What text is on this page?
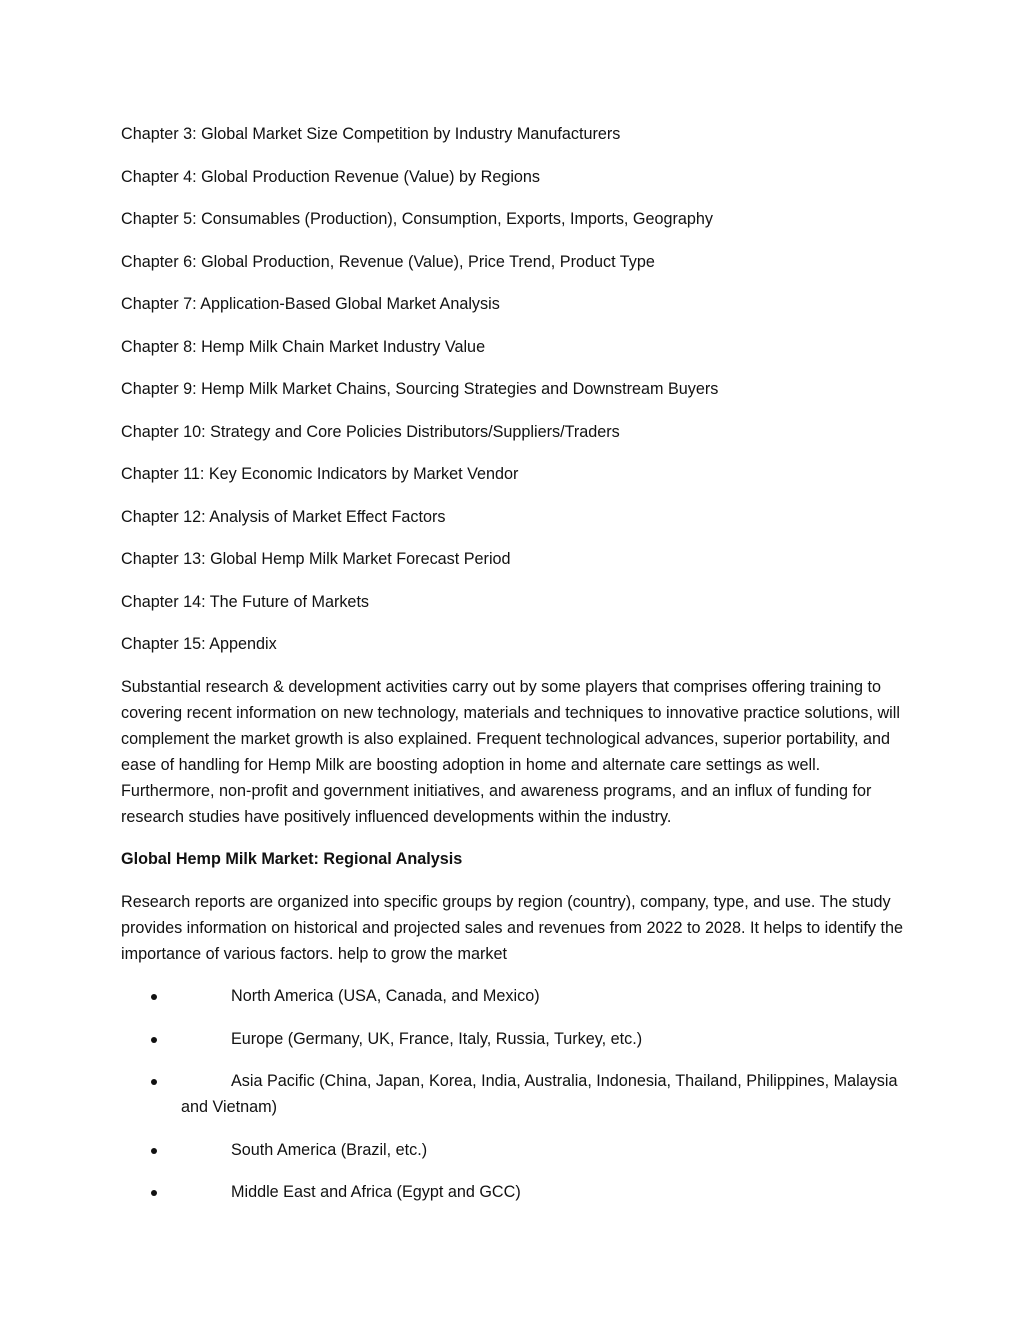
Chapter 3: Global Market Size Competition by Industry Manufacturers

Chapter 4: Global Production Revenue (Value) by Regions

Chapter 5: Consumables (Production), Consumption, Exports, Imports, Geography

Chapter 6: Global Production, Revenue (Value), Price Trend, Product Type

Chapter 7: Application-Based Global Market Analysis

Chapter 8: Hemp Milk Chain Market Industry Value

Chapter 9: Hemp Milk Market Chains, Sourcing Strategies and Downstream Buyers

Chapter 10: Strategy and Core Policies Distributors/Suppliers/Traders

Chapter 11: Key Economic Indicators by Market Vendor

Chapter 12: Analysis of Market Effect Factors

Chapter 13: Global Hemp Milk Market Forecast Period

Chapter 14: The Future of Markets

Chapter 15: Appendix

Substantial research & development activities carry out by some players that comprises offering training to covering recent information on new technology, materials and techniques to innovative practice solutions, will complement the market growth is also explained. Frequent technological advances, superior portability, and ease of handling for Hemp Milk are boosting adoption in home and alternate care settings as well. Furthermore, non-profit and government initiatives, and awareness programs, and an influx of funding for research studies have positively influenced developments within the industry.

Global Hemp Milk Market: Regional Analysis

Research reports are organized into specific groups by region (country), company, type, and use. The study provides information on historical and projected sales and revenues from 2022 to 2028. It helps to identify the importance of various factors. help to grow the market

North America (USA, Canada, and Mexico)
Europe (Germany, UK, France, Italy, Russia, Turkey, etc.)
Asia Pacific (China, Japan, Korea, India, Australia, Indonesia, Thailand, Philippines, Malaysia and Vietnam)
South America (Brazil, etc.)
Middle East and Africa (Egypt and GCC)
